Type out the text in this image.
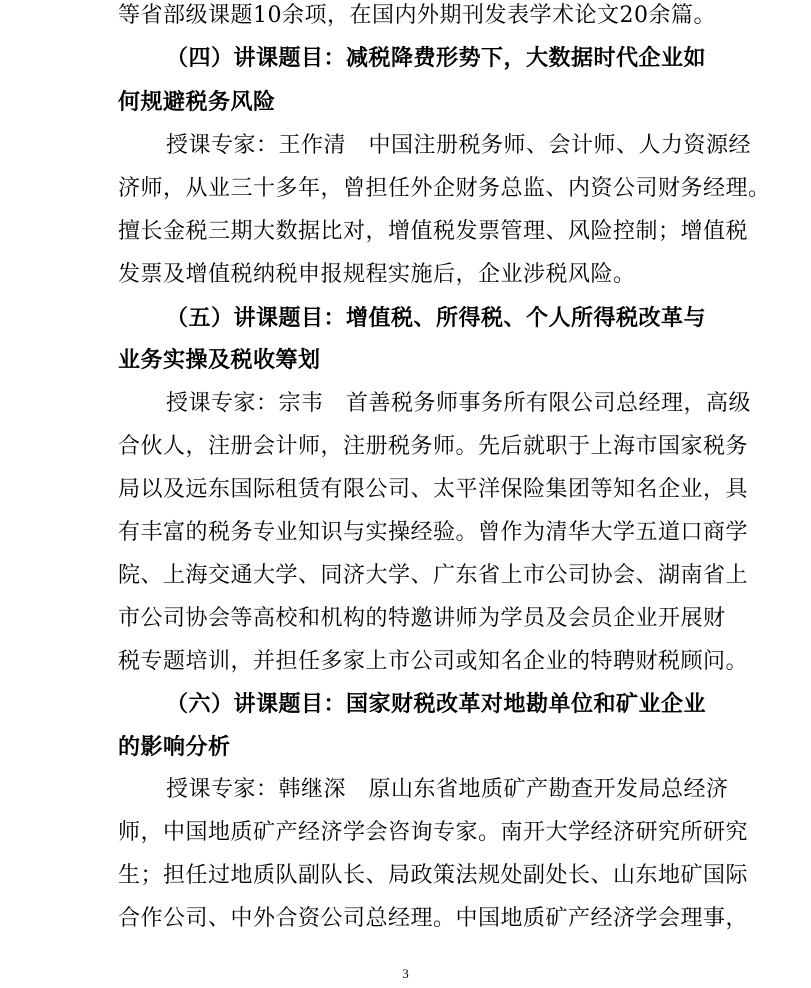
等省部级课题10余项，在国内外期刊发表学术论文20余篇。
（四）讲课题目：减税降费形势下，大数据时代企业如
何规避税务风险
授课专家：王作清　中国注册税务师、会计师、人力资源经
济师，从业三十多年，曾担任外企财务总监、内资公司财务经理。
擅长金税三期大数据比对，增值税发票管理、风险控制；增值税
发票及增值税纳税申报规程实施后，企业涉税风险。
（五）讲课题目：增值税、所得税、个人所得税改革与
业务实操及税收筹划
授课专家：宗韦　首善税务师事务所有限公司总经理，高级
合伙人，注册会计师，注册税务师。先后就职于上海市国家税务
局以及远东国际租赁有限公司、太平洋保险集团等知名企业，具
有丰富的税务专业知识与实操经验。曾作为清华大学五道口商学
院、上海交通大学、同济大学、广东省上市公司协会、湖南省上
市公司协会等高校和机构的特邀讲师为学员及会员企业开展财
税专题培训，并担任多家上市公司或知名企业的特聘财税顾问。
（六）讲课题目：国家财税改革对地勘单位和矿业企业
的影响分析
授课专家：韩继深　原山东省地质矿产勘查开发局总经济
师，中国地质矿产经济学会咨询专家。南开大学经济研究所研究
生；担任过地质队副队长、局政策法规处副处长、山东地矿国际
合作公司、中外合资公司总经理。中国地质矿产经济学会理事，
3
